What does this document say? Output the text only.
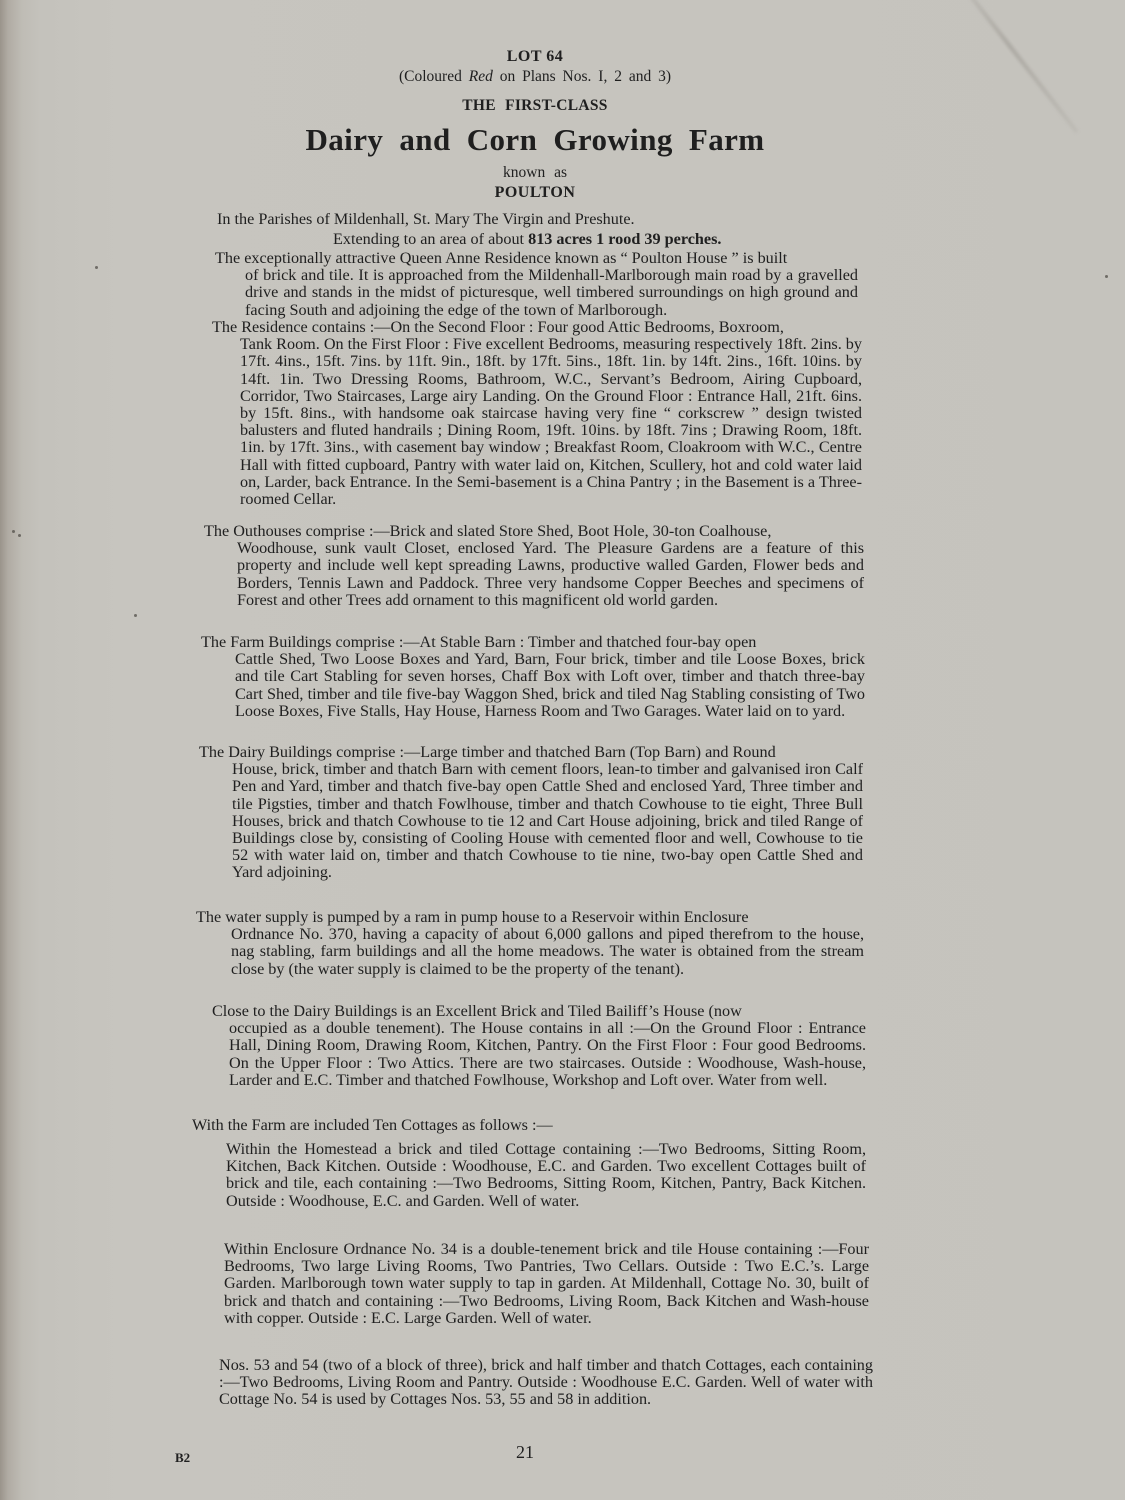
LOT 64
(Coloured Red on Plans Nos. I, 2 and 3)
THE FIRST-CLASS
Dairy and Corn Growing Farm
known as
POULTON
In the Parishes of Mildenhall, St. Mary The Virgin and Preshute.
Extending to an area of about 813 acres 1 rood 39 perches.
The exceptionally attractive Queen Anne Residence known as “ Poulton House ” is built
of brick and tile. It is approached from the Mildenhall-Marlborough main road by a gravelled drive and stands in the midst of picturesque, well timbered surroundings on high ground and facing South and adjoining the edge of the town of Marlborough.
The Residence contains :—On the Second Floor : Four good Attic Bedrooms, Boxroom,
Tank Room. On the First Floor : Five excellent Bedrooms, measuring respectively 18ft. 2ins. by 17ft. 4ins., 15ft. 7ins. by 11ft. 9in., 18ft. by 17ft. 5ins., 18ft. 1in. by 14ft. 2ins., 16ft. 10ins. by 14ft. 1in. Two Dressing Rooms, Bathroom, W.C., Servant’s Bedroom, Airing Cupboard, Corridor, Two Staircases, Large airy Landing. On the Ground Floor : Entrance Hall, 21ft. 6ins. by 15ft. 8ins., with handsome oak staircase having very fine “ corkscrew ” design twisted balusters and fluted handrails ; Dining Room, 19ft. 10ins. by 18ft. 7ins ; Drawing Room, 18ft. 1in. by 17ft. 3ins., with casement bay window ; Breakfast Room, Cloakroom with W.C., Centre Hall with fitted cupboard, Pantry with water laid on, Kitchen, Scullery, hot and cold water laid on, Larder, back Entrance. In the Semi-basement is a China Pantry ; in the Basement is a Three-roomed Cellar.
The Outhouses comprise :—Brick and slated Store Shed, Boot Hole, 30-ton Coalhouse,
Woodhouse, sunk vault Closet, enclosed Yard. The Pleasure Gardens are a feature of this property and include well kept spreading Lawns, productive walled Garden, Flower beds and Borders, Tennis Lawn and Paddock. Three very handsome Copper Beeches and specimens of Forest and other Trees add ornament to this magnificent old world garden.
The Farm Buildings comprise :—At Stable Barn : Timber and thatched four-bay open
Cattle Shed, Two Loose Boxes and Yard, Barn, Four brick, timber and tile Loose Boxes, brick and tile Cart Stabling for seven horses, Chaff Box with Loft over, timber and thatch three-bay Cart Shed, timber and tile five-bay Waggon Shed, brick and tiled Nag Stabling consisting of Two Loose Boxes, Five Stalls, Hay House, Harness Room and Two Garages. Water laid on to yard.
The Dairy Buildings comprise :—Large timber and thatched Barn (Top Barn) and Round
House, brick, timber and thatch Barn with cement floors, lean-to timber and galvanised iron Calf Pen and Yard, timber and thatch five-bay open Cattle Shed and enclosed Yard, Three timber and tile Pigsties, timber and thatch Fowlhouse, timber and thatch Cowhouse to tie eight, Three Bull Houses, brick and thatch Cowhouse to tie 12 and Cart House adjoining, brick and tiled Range of Buildings close by, consisting of Cooling House with cemented floor and well, Cowhouse to tie 52 with water laid on, timber and thatch Cowhouse to tie nine, two-bay open Cattle Shed and Yard adjoining.
The water supply is pumped by a ram in pump house to a Reservoir within Enclosure
Ordnance No. 370, having a capacity of about 6,000 gallons and piped therefrom to the house, nag stabling, farm buildings and all the home meadows. The water is obtained from the stream close by (the water supply is claimed to be the property of the tenant).
Close to the Dairy Buildings is an Excellent Brick and Tiled Bailiff’s House (now
occupied as a double tenement). The House contains in all :—On the Ground Floor : Entrance Hall, Dining Room, Drawing Room, Kitchen, Pantry. On the First Floor : Four good Bedrooms. On the Upper Floor : Two Attics. There are two staircases. Outside : Woodhouse, Wash-house, Larder and E.C. Timber and thatched Fowlhouse, Workshop and Loft over. Water from well.
With the Farm are included Ten Cottages as follows :—
Within the Homestead a brick and tiled Cottage containing :—Two Bedrooms, Sitting Room, Kitchen, Back Kitchen. Outside : Woodhouse, E.C. and Garden. Two excellent Cottages built of brick and tile, each containing :—Two Bedrooms, Sitting Room, Kitchen, Pantry, Back Kitchen. Outside : Woodhouse, E.C. and Garden. Well of water.
Within Enclosure Ordnance No. 34 is a double-tenement brick and tile House containing :—Four Bedrooms, Two large Living Rooms, Two Pantries, Two Cellars. Outside : Two E.C.’s. Large Garden. Marlborough town water supply to tap in garden. At Mildenhall, Cottage No. 30, built of brick and thatch and containing :—Two Bedrooms, Living Room, Back Kitchen and Wash-house with copper. Outside : E.C. Large Garden. Well of water.
Nos. 53 and 54 (two of a block of three), brick and half timber and thatch Cottages, each containing :—Two Bedrooms, Living Room and Pantry. Outside : Woodhouse E.C. Garden. Well of water with Cottage No. 54 is used by Cottages Nos. 53, 55 and 58 in addition.
B2	21
